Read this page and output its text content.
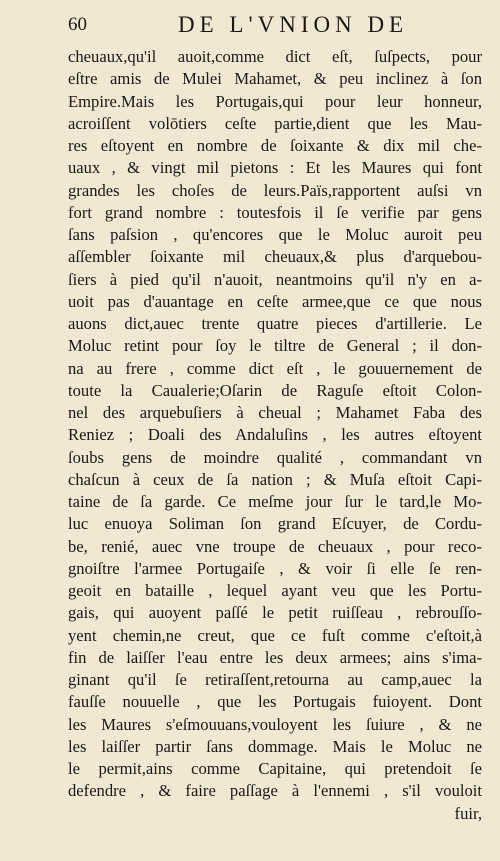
60	DE L'VNION DE
cheuaux,qu'il auoit,comme dict eſt, ſuſpects, pour
eſtre amis de Mulei Mahamet, & peu inclinez à ſon
Empire.Mais les Portugais,qui pour leur honneur,
acroiſſent volōtiers ceſte partie,dient que les Mau-
res eſtoyent en nombre de ſoixante & dix mil che-
uaux , & vingt mil pietons : Et les Maures qui font
grandes les choſes de leurs.Païs,rapportent auſsi vn
fort grand nombre : toutesfois il ſe verifie par gens
ſans paſsion , qu'encores que le Moluc auroit peu
aſſembler ſoixante mil cheuaux,& plus d'arquebou-
ſiers à pied qu'il n'auoit, neantmoins qu'il n'y en a-
uoit pas d'auantage en ceſte armee,que ce que nous
auons dict,auec trente quatre pieces d'artillerie. Le
Moluc retint pour ſoy le tiltre de General ; il don-
na au frere , comme dict eſt , le gouuernement de
toute la Caualerie;Oſarin de Raguſe eſtoit Colon-
nel des arquebuſiers à cheual ; Mahamet Faba des
Reniez ; Doali des Andaluſins , les autres eſtoyent
ſoubs gens de moindre qualité , commandant vn
chaſcun à ceux de ſa nation ; & Muſa eſtoit Capi-
taine de ſa garde. Ce meſme jour ſur le tard,le Mo-
luc enuoya Soliman ſon grand Eſcuyer, de Cordu-
be, renié, auec vne troupe de cheuaux , pour reco-
gnoiſtre l'armee Portugaiſe , & voir ſi elle ſe ren-
geoit en bataille , lequel ayant veu que les Portu-
gais, qui auoyent paſſé le petit ruiſſeau , rebrouſſo-
yent chemin,ne creut, que ce fuſt comme c'eſtoit,à
fin de laiſſer l'eau entre les deux armees; ains s'ima-
ginant qu'il ſe retiraſſent,retourna au camp,auec la
fauſſe nouuelle , que les Portugais fuioyent. Dont
les Maures s'eſmouuans,vouloyent les ſuiure , & ne
les laiſſer partir ſans dommage. Mais le Moluc ne
le permit,ains comme Capitaine, qui pretendoit ſe
defendre , & faire paſſage à l'ennemi , s'il vouloit
fuir,
